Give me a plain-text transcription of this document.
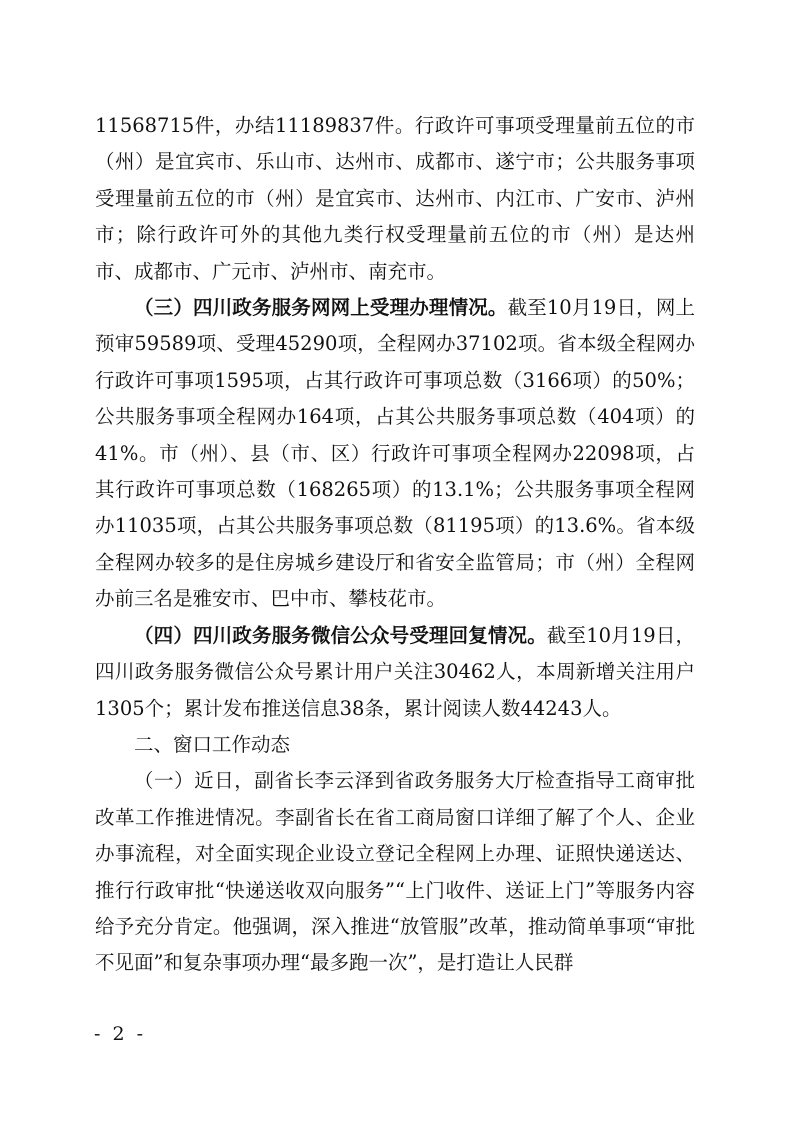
11568715件，办结11189837件。行政许可事项受理量前五位的市（州）是宜宾市、乐山市、达州市、成都市、遂宁市；公共服务事项受理量前五位的市（州）是宜宾市、达州市、内江市、广安市、泸州市；除行政许可外的其他九类行权受理量前五位的市（州）是达州市、成都市、广元市、泸州市、南充市。

（三）四川政务服务网网上受理办理情况。截至10月19日，网上预审59589项、受理45290项，全程网办37102项。省本级全程网办行政许可事项1595项，占其行政许可事项总数（3166项）的50%；公共服务事项全程网办164项，占其公共服务事项总数（404项）的41%。市（州）、县（市、区）行政许可事项全程网办22098项，占其行政许可事项总数（168265项）的13.1%；公共服务事项全程网办11035项，占其公共服务事项总数（81195项）的13.6%。省本级全程网办较多的是住房城乡建设厅和省安全监管局；市（州）全程网办前三名是雅安市、巴中市、攀枝花市。

（四）四川政务服务微信公众号受理回复情况。截至10月19日，四川政务服务微信公众号累计用户关注30462人，本周新增关注用户1305个；累计发布推送信息38条，累计阅读人数44243人。

二、窗口工作动态

（一）近日，副省长李云泽到省政务服务大厅检查指导工商审批改革工作推进情况。李副省长在省工商局窗口详细了解了个人、企业办事流程，对全面实现企业设立登记全程网上办理、证照快递送达、推行行政审批“快递送收双向服务”“上门收件、送证上门”等服务内容给予充分肯定。他强调，深入推进“放管服”改革，推动简单事项“审批不见面”和复杂事项办理“最多跑一次”，是打造让人民群

- 2 -
